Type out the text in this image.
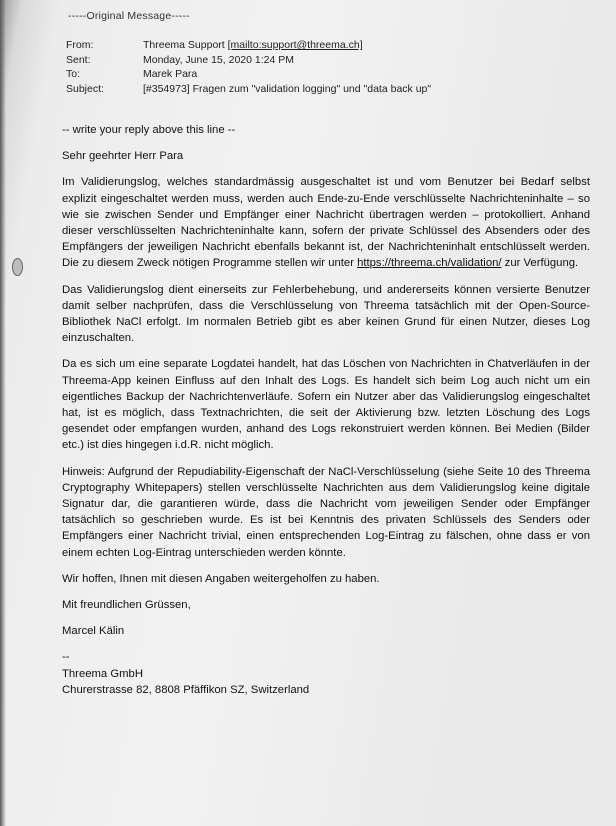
-----Original Message-----
From:	Threema Support [mailto:support@threema.ch]
Sent:	Monday, June 15, 2020 1:24 PM
To:	Marek Para
Subject:	[#354973] Fragen zum "validation logging" und "data back up"

-- write your reply above this line --

Sehr geehrter Herr Para

Im Validierungslog, welches standardmässig ausgeschaltet ist und vom Benutzer bei Bedarf selbst explizit eingeschaltet werden muss, werden auch Ende-zu-Ende verschlüsselte Nachrichteninhalte – so wie sie zwischen Sender und Empfänger einer Nachricht übertragen werden – protokolliert. Anhand dieser verschlüsselten Nachrichteninhalte kann, sofern der private Schlüssel des Absenders oder des Empfängers der jeweiligen Nachricht ebenfalls bekannt ist, der Nachrichteninhalt entschlüsselt werden. Die zu diesem Zweck nötigen Programme stellen wir unter https://threema.ch/validation/ zur Verfügung.

Das Validierungslog dient einerseits zur Fehlerbehebung, und andererseits können versierte Benutzer damit selber nachprüfen, dass die Verschlüsselung von Threema tatsächlich mit der Open-Source-Bibliothek NaCl erfolgt. Im normalen Betrieb gibt es aber keinen Grund für einen Nutzer, dieses Log einzuschalten.

Da es sich um eine separate Logdatei handelt, hat das Löschen von Nachrichten in Chatverläufen in der Threema-App keinen Einfluss auf den Inhalt des Logs. Es handelt sich beim Log auch nicht um ein eigentliches Backup der Nachrichtenverläufe. Sofern ein Nutzer aber das Validierungslog eingeschaltet hat, ist es möglich, dass Textnachrichten, die seit der Aktivierung bzw. letzten Löschung des Logs gesendet oder empfangen wurden, anhand des Logs rekonstruiert werden können. Bei Medien (Bilder etc.) ist dies hingegen i.d.R. nicht möglich.

Hinweis: Aufgrund der Repudiability-Eigenschaft der NaCl-Verschlüsselung (siehe Seite 10 des Threema Cryptography Whitepapers) stellen verschlüsselte Nachrichten aus dem Validierungslog keine digitale Signatur dar, die garantieren würde, dass die Nachricht vom jeweiligen Sender oder Empfänger tatsächlich so geschrieben wurde. Es ist bei Kenntnis des privaten Schlüssels des Senders oder Empfängers einer Nachricht trivial, einen entsprechenden Log-Eintrag zu fälschen, ohne dass er von einem echten Log-Eintrag unterschieden werden könnte.

Wir hoffen, Ihnen mit diesen Angaben weitergeholfen zu haben.

Mit freundlichen Grüssen,

Marcel Kälin

--

Threema GmbH

Churerstrasse 82, 8808 Pfäffikon SZ, Switzerland
